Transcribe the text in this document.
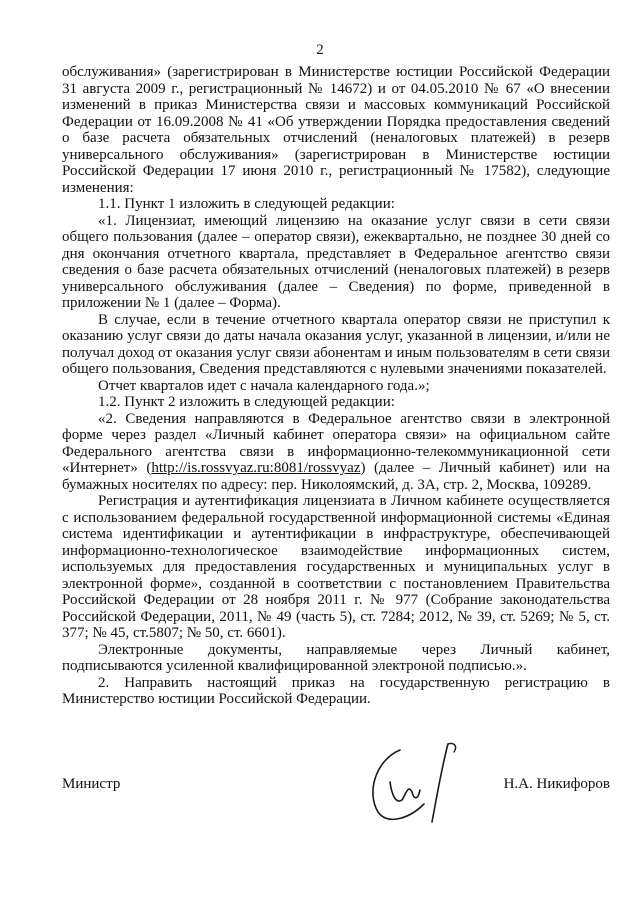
2

обслуживания» (зарегистрирован в Министерстве юстиции Российской Федерации 31 августа 2009 г., регистрационный № 14672) и от 04.05.2010 № 67 «О внесении изменений в приказ Министерства связи и массовых коммуникаций Российской Федерации от 16.09.2008 № 41 «Об утверждении Порядка предоставления сведений о базе расчета обязательных отчислений (неналоговых платежей) в резерв универсального обслуживания» (зарегистрирован в Министерстве юстиции Российской Федерации 17 июня 2010 г., регистрационный № 17582), следующие изменения:

1.1. Пункт 1 изложить в следующей редакции:

«1. Лицензиат, имеющий лицензию на оказание услуг связи в сети связи общего пользования (далее – оператор связи), ежеквартально, не позднее 30 дней со дня окончания отчетного квартала, представляет в Федеральное агентство связи сведения о базе расчета обязательных отчислений (неналоговых платежей) в резерв универсального обслуживания (далее – Сведения) по форме, приведенной в приложении № 1 (далее – Форма).

В случае, если в течение отчетного квартала оператор связи не приступил к оказанию услуг связи до даты начала оказания услуг, указанной в лицензии, и/или не получал доход от оказания услуг связи абонентам и иным пользователям в сети связи общего пользования, Сведения представляются с нулевыми значениями показателей.

Отчет кварталов идет с начала календарного года.»;

1.2. Пункт 2 изложить в следующей редакции:

«2. Сведения направляются в Федеральное агентство связи в электронной форме через раздел «Личный кабинет оператора связи» на официальном сайте Федерального агентства связи в информационно-телекоммуникационной сети «Интернет» (http://is.rossvyaz.ru:8081/rossvyaz) (далее – Личный кабинет) или на бумажных носителях по адресу: пер. Николоямский, д. 3А, стр. 2, Москва, 109289.

Регистрация и аутентификация лицензиата в Личном кабинете осуществляется с использованием федеральной государственной информационной системы «Единая система идентификации и аутентификации в инфраструктуре, обеспечивающей информационно-технологическое взаимодействие информационных систем, используемых для предоставления государственных и муниципальных услуг в электронной форме», созданной в соответствии с постановлением Правительства Российской Федерации от 28 ноября 2011 г. № 977 (Собрание законодательства Российской Федерации, 2011, № 49 (часть 5), ст. 7284; 2012, № 39, ст. 5269; № 5, ст. 377; № 45, ст.5807; № 50, ст. 6601).

Электронные документы, направляемые через Личный кабинет, подписываются усиленной квалифицированной электроной подписью.».

2. Направить настоящий приказ на государственную регистрацию в Министерство юстиции Российской Федерации.

Министр	Н.А. Никифоров
